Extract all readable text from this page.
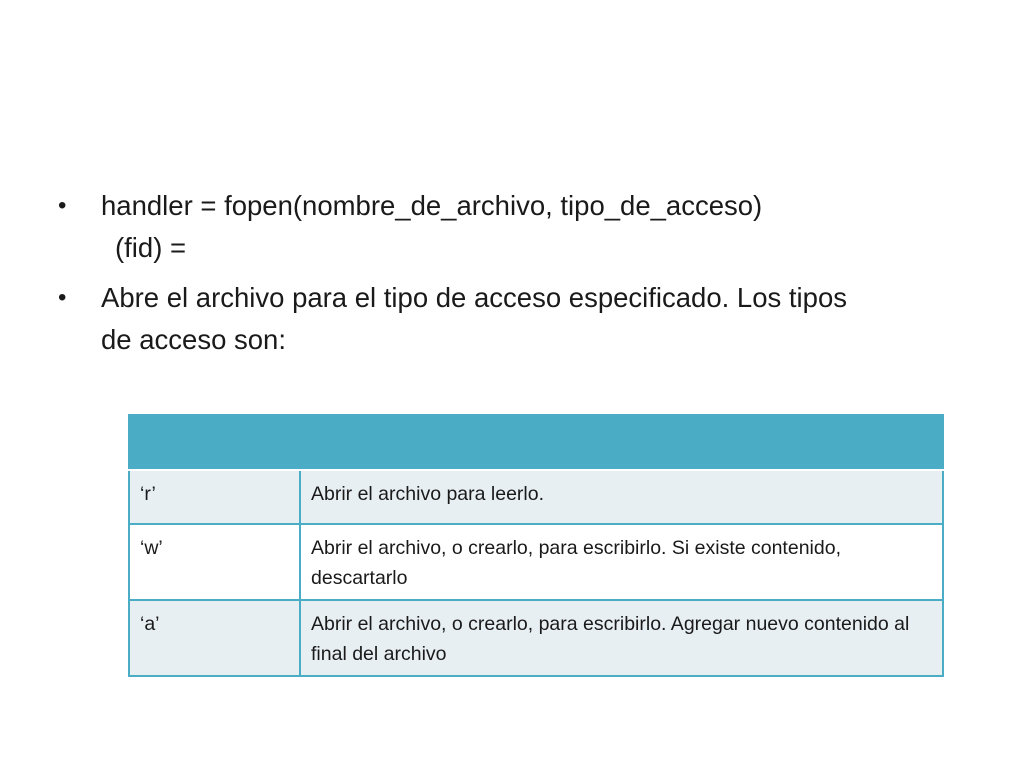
•	handler = fopen(nombre_de_archivo, tipo_de_acceso)
(fid) =
•	Abre el archivo para el tipo de acceso especificado. Los tipos
de acceso son:

‘r’	Abrir el archivo para leerlo.
‘w’	Abrir el archivo, o crearlo, para escribirlo. Si existe contenido, descartarlo
‘a’	Abrir el archivo, o crearlo, para escribirlo. Agregar nuevo contenido al final del archivo
